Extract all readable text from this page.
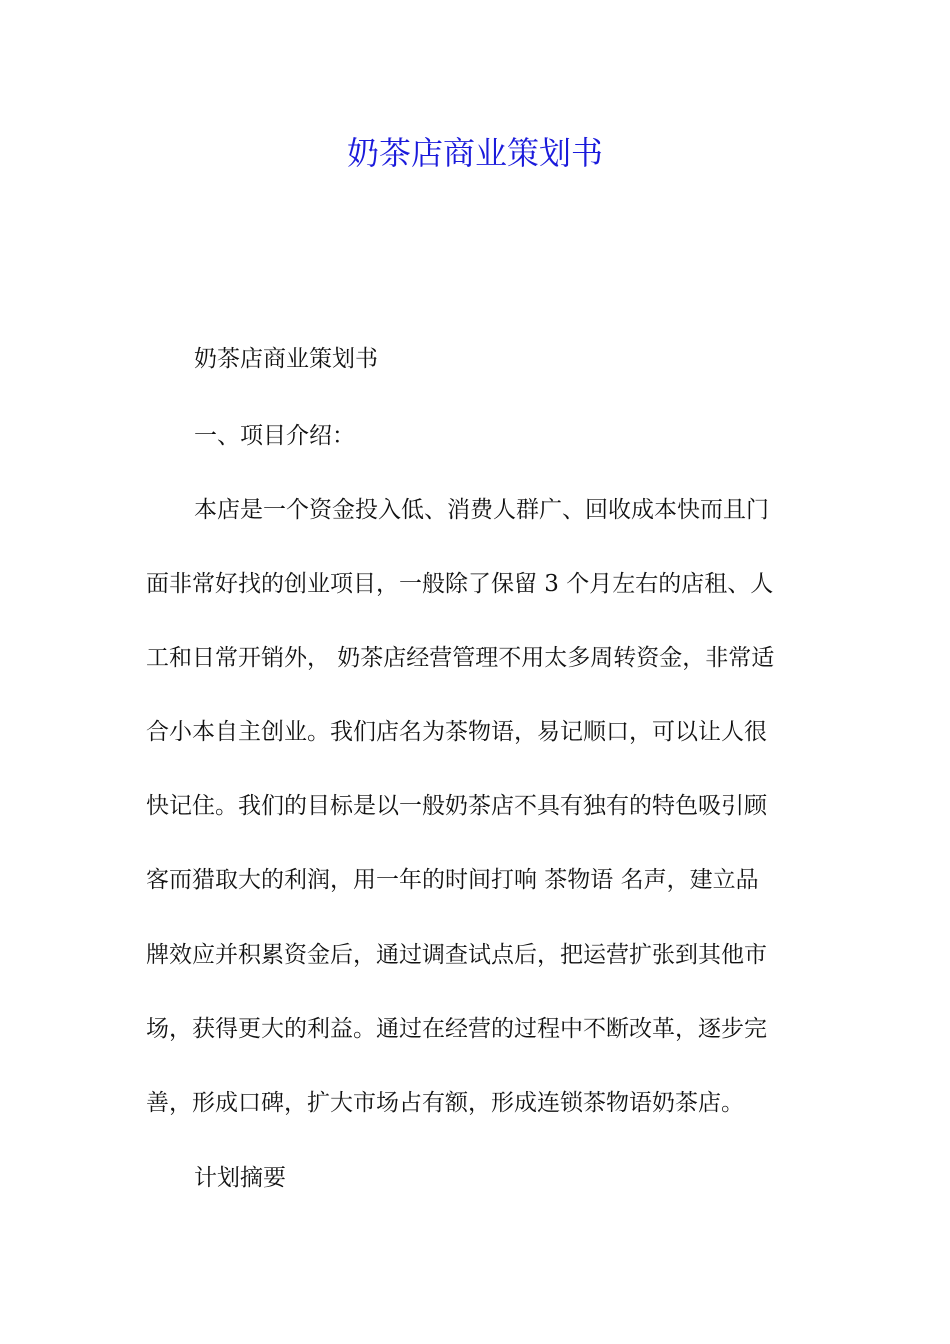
奶茶店商业策划书
奶茶店商业策划书
一、项目介绍：
本店是一个资金投入低、消费人群广、回收成本快而且门
面非常好找的创业项目，一般除了保留 3 个月左右的店租、人
工和日常开销外， 奶茶店经营管理不用太多周转资金，非常适
合小本自主创业。我们店名为茶物语，易记顺口，可以让人很
快记住。我们的目标是以一般奶茶店不具有独有的特色吸引顾
客而猎取大的利润，用一年的时间打响 茶物语 名声，建立品
牌效应并积累资金后，通过调查试点后，把运营扩张到其他市
场，获得更大的利益。通过在经营的过程中不断改革，逐步完
善，形成口碑，扩大市场占有额，形成连锁茶物语奶茶店。
计划摘要
